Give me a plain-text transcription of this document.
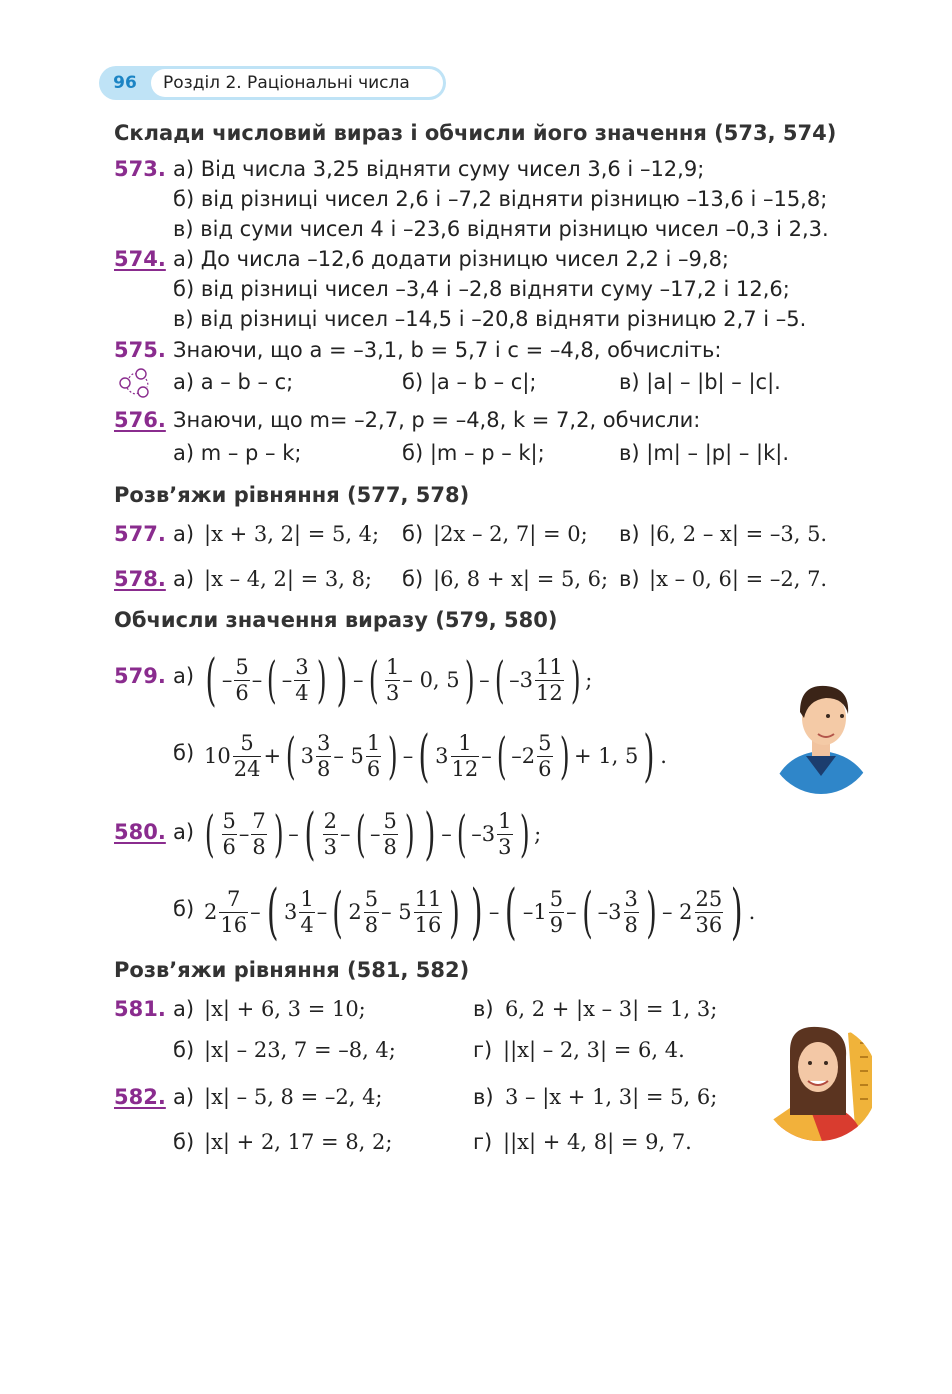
96	Розділ 2. Раціональні числа
Склади числовий вираз і обчисли його значення (573, 574)
573. а) Від числа 3,25 відняти суму чисел 3,6 і –12,9;
б) від різниці чисел 2,6 і –7,2 відняти різницю –13,6 і –15,8;
в) від суми чисел 4 і –23,6 відняти різницю чисел –0,3 і 2,3.
574. а) До числа –12,6 додати різницю чисел 2,2 і –9,8;
б) від різниці чисел –3,4 і –2,8 відняти суму –17,2 і 12,6;
в) від різниці чисел –14,5 і –20,8 відняти різницю 2,7 і –5.
575. Знаючи, що a = –3,1, b = 5,7 і c = –4,8, обчисліть:
а) a – b – c;	б) |a – b – c|;	в) |a| – |b| – |c|.
576. Знаючи, що m= –2,7, p = –4,8, k = 7,2, обчисли:
а) m – p – k;	б) |m – p – k|;	в) |m| – |p| – |k|.
Розв’яжи рівняння (577, 578)
577. а) |x + 3, 2| = 5, 4; б) |2x – 2, 7| = 0; в) |6, 2 – x| = –3, 5.
578. а) |x – 4, 2| = 3, 8; б) |6, 8 + x| = 5, 6; в) |x – 0, 6| = –2, 7.
Обчисли значення виразу (579, 580)
579. а) ( – $\frac{5}{6}$ – ( – $\frac{3}{4}$ ) ) – ( $\frac{1}{3} - 0$, 5 ) – ( $-3 \frac{11}{12}$ ) ;
б) $10 \frac{5}{24}$ + ( $3 \frac{3}{8} - 5 \frac{1}{6}$ ) – ( $3 \frac{1}{12}$ – ( $-2 \frac{5}{6}$ ) + 1, 5 ) .
580. а) ( $\frac{5}{6} - \frac{7}{8}$ ) – ( $\frac{2}{3}$ – ( – $\frac{5}{8}$ ) ) – ( $-3 \frac{1}{3}$ ) ;
б) $2 \frac{7}{16}$ – ( $3 \frac{1}{4}$ – ( $2 \frac{5}{8} - 5 \frac{11}{16}$ ) ) – ( $-1 \frac{5}{9}$ – ( $-3 \frac{3}{8}$ ) – $2 \frac{25}{36}$ ) .
Розв’яжи рівняння (581, 582)
581. а) |x| + 6, 3 = 10;	в) 6, 2 + |x – 3| = 1, 3;
б) |x| – 23, 7 = –8, 4;	г) ||x| – 2, 3| = 6, 4.
582. а) |x| – 5, 8 = –2, 4;	в) 3 – |x + 1, 3| = 5, 6;
б) |x| + 2, 17 = 8, 2;	г) ||x| + 4, 8| = 9, 7.
